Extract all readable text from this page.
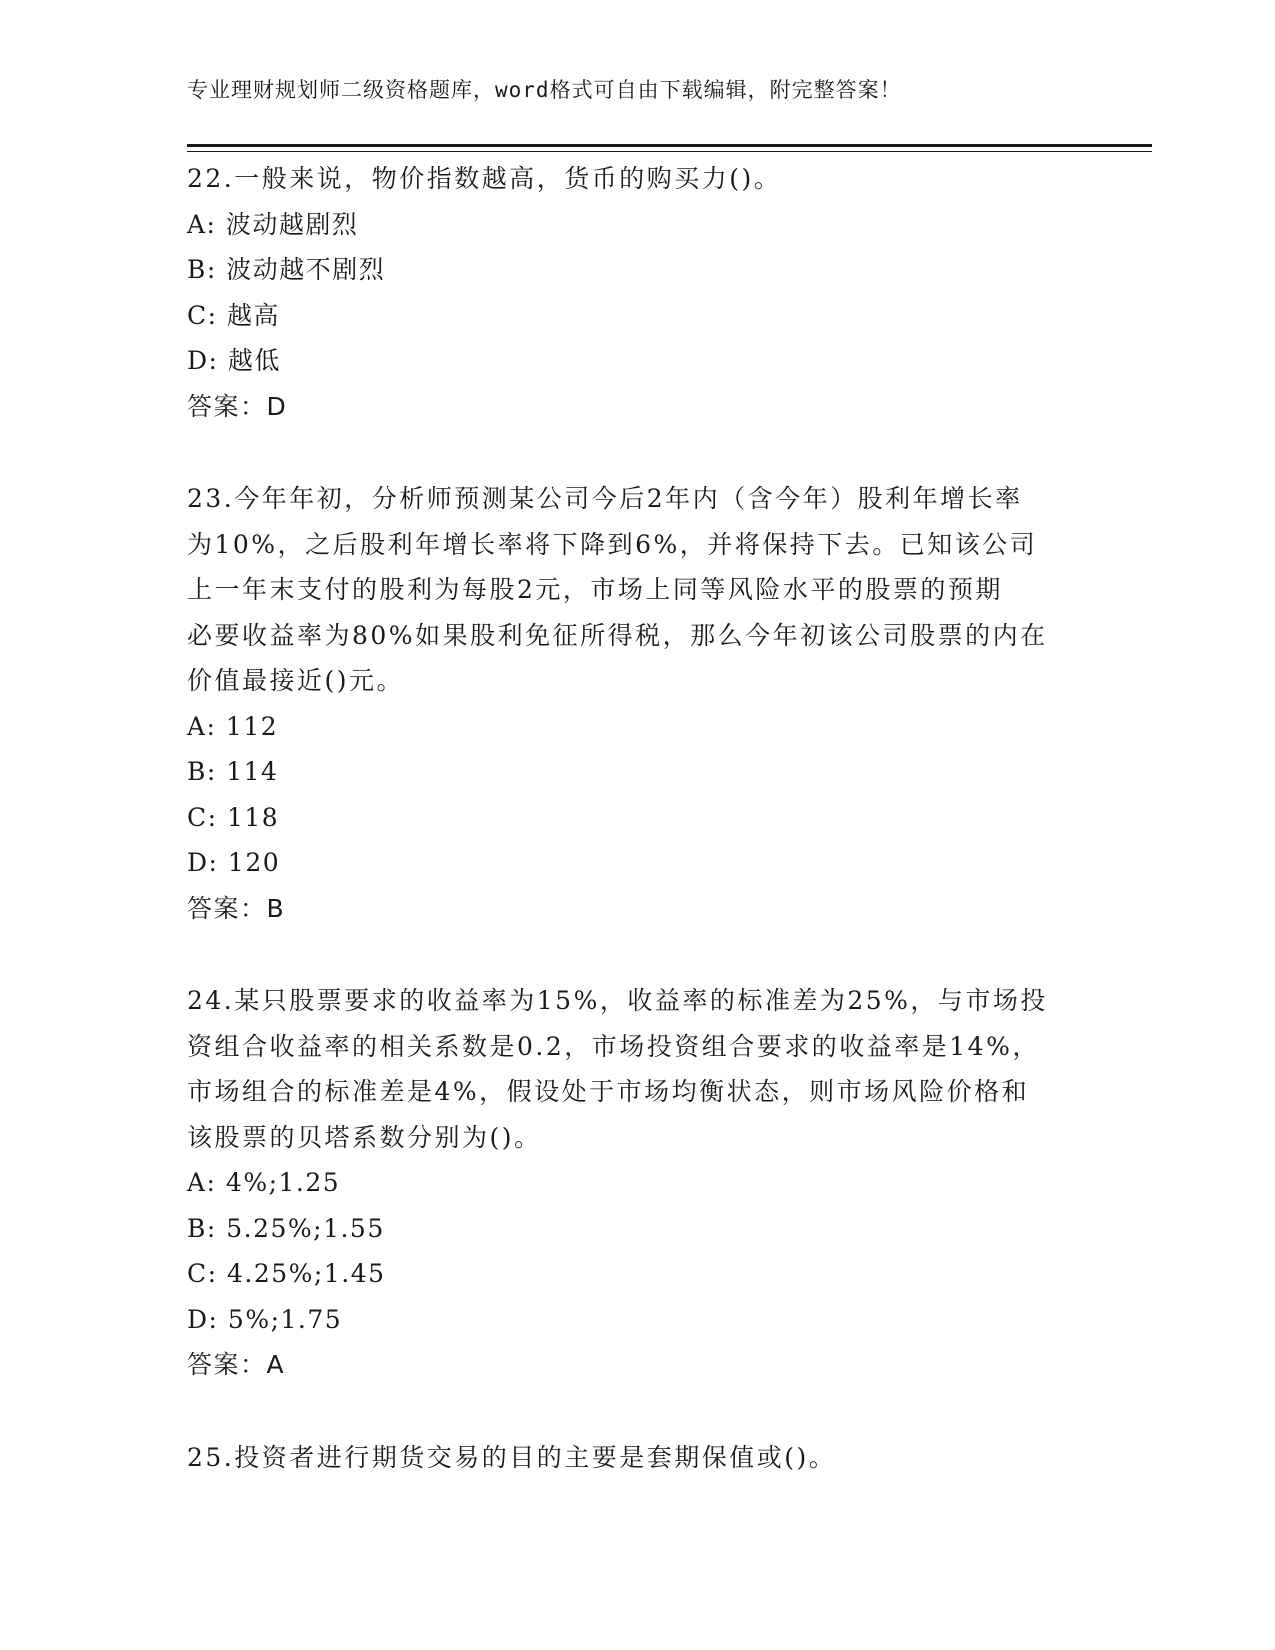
专业理财规划师二级资格题库，word格式可自由下载编辑，附完整答案！

22.一般来说，物价指数越高，货币的购买力()。

A: 波动越剧烈

B: 波动越不剧烈

C: 越高

D: 越低

答案：D

23.今年年初，分析师预测某公司今后2年内（含今年）股利年增长率

为10%，之后股利年增长率将下降到6%，并将保持下去。已知该公司

上一年末支付的股利为每股2元，市场上同等风险水平的股票的预期

必要收益率为80%如果股利免征所得税，那么今年初该公司股票的内在

价值最接近()元。

A: 112

B: 114

C: 118

D: 120

答案：B

24.某只股票要求的收益率为15%，收益率的标准差为25%，与市场投

资组合收益率的相关系数是0.2，市场投资组合要求的收益率是14%，

市场组合的标准差是4%，假设处于市场均衡状态，则市场风险价格和

该股票的贝塔系数分别为()。

A: 4%;1.25

B: 5.25%;1.55

C: 4.25%;1.45

D: 5%;1.75

答案：A

25.投资者进行期货交易的目的主要是套期保值或()。
